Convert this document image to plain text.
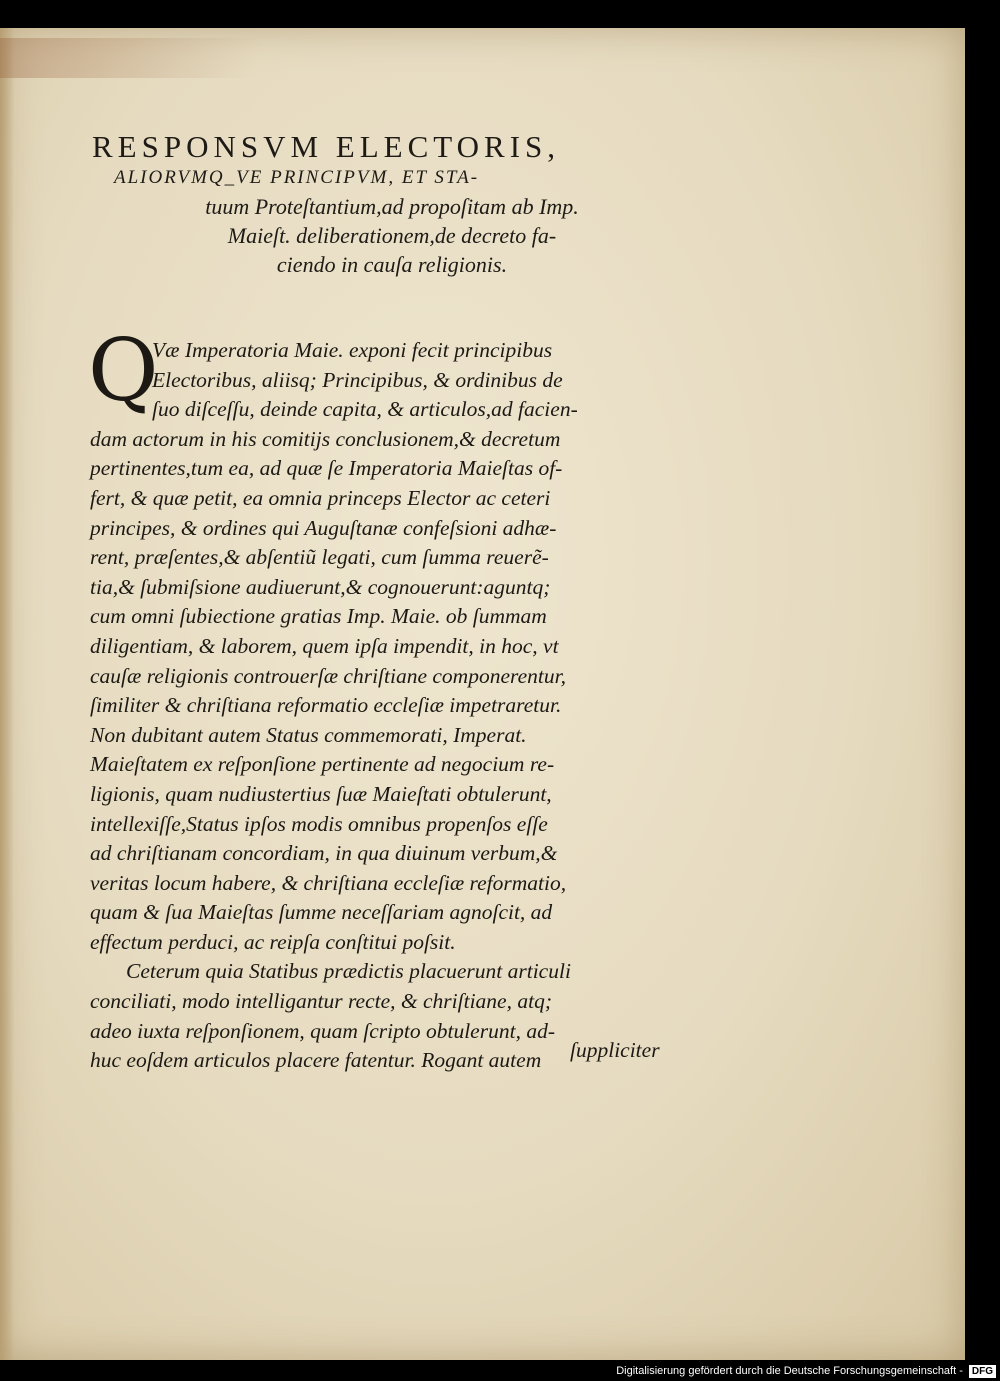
RESPONSVM ELECTORIS,
ALIORVMQ_VE PRINCIPVM, ET STA-
tuum Proteſtantium,ad propoſitam ab Imp.
Maieſt. deliberationem,de decreto fa-
ciendo in cauſa religionis.
Q
Væ Imperatoria Maie. exponi fecit principibus
Electoribus, aliisq; Principibus, & ordinibus de
ſuo diſceſſu, deinde capita, & articulos,ad facien-
dam actorum in his comitijs conclusionem,& decretum
pertinentes,tum ea, ad quæ ſe Imperatoria Maieſtas of-
fert, & quæ petit, ea omnia princeps Elector ac ceteri
principes, & ordines qui Auguſtanæ confeſsioni adhæ-
rent, præſentes,& abſentiũ legati, cum ſumma reuerẽ-
tia,& ſubmiſsione audiuerunt,& cognouerunt:aguntq;
cum omni ſubiectione gratias Imp. Maie. ob ſummam
diligentiam, & laborem, quem ipſa impendit, in hoc, vt
cauſæ religionis controuerſæ chriſtiane componerentur,
ſimiliter & chriſtiana reformatio eccleſiæ impetraretur.
Non dubitant autem Status commemorati, Imperat.
Maieſtatem ex reſponſione pertinente ad negocium re-
ligionis, quam nudiustertius ſuæ Maieſtati obtulerunt,
intellexiſſe,Status ipſos modis omnibus propenſos eſſe
ad chriſtianam concordiam, in qua diuinum verbum,&
veritas locum habere, & chriſtiana eccleſiæ reformatio,
quam & ſua Maieſtas ſumme neceſſariam agnoſcit, ad
effectum perduci, ac reipſa conſtitui poſsit.
Ceterum quia Statibus prædictis placuerunt articuli
conciliati, modo intelligantur recte, & chriſtiane, atq;
adeo iuxta reſponſionem, quam ſcripto obtulerunt, ad-
huc eoſdem articulos placere fatentur. Rogant autem	ſuppliciter
Digitalisierung gefördert durch die Deutsche Forschungsgemeinschaft - DFG
